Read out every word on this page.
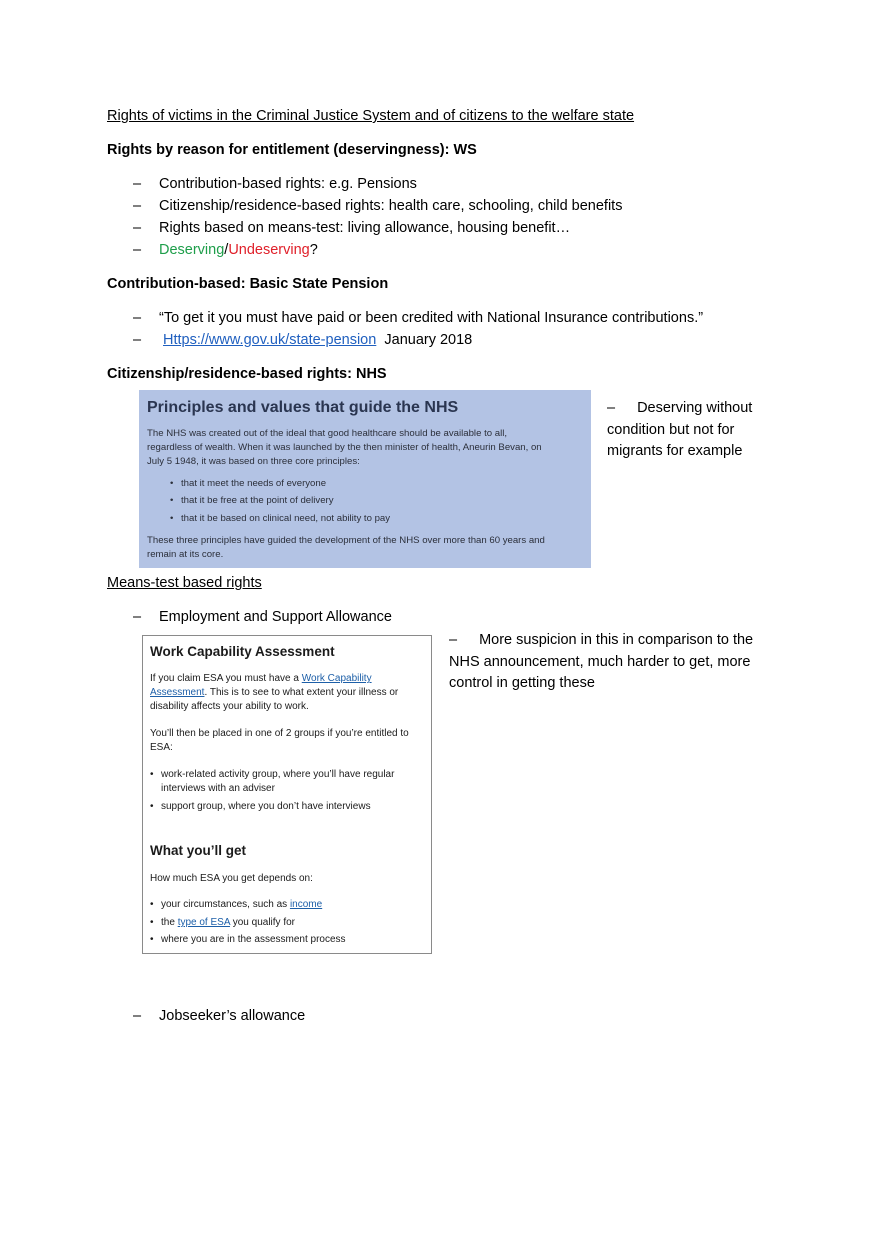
Rights of victims in the Criminal Justice System and of citizens to the welfare state
Rights by reason for entitlement (deservingness): WS
– Contribution-based rights: e.g. Pensions
– Citizenship/residence-based rights: health care, schooling, child benefits
– Rights based on means-test: living allowance, housing benefit…
– Deserving/Undeserving?
Contribution-based: Basic State Pension
– “To get it you must have paid or been credited with National Insurance contributions.”
– Https://www.gov.uk/state-pension January 2018
Citizenship/residence-based rights: NHS
Principles and values that guide the NHS
The NHS was created out of the ideal that good healthcare should be available to all,
regardless of wealth. When it was launched by the then minister of health, Aneurin Bevan, on
July 5 1948, it was based on three core principles:
• that it meet the needs of everyone
• that it be free at the point of delivery
• that it be based on clinical need, not ability to pay
These three principles have guided the development of the NHS over more than 60 years and
remain at its core.
– Deserving without
condition but not for
migrants for example
Means-test based rights
– Employment and Support Allowance
Work Capability Assessment
If you claim ESA you must have a Work Capability
Assessment. This is to see to what extent your illness or
disability affects your ability to work.
You’ll then be placed in one of 2 groups if you’re entitled to
ESA:
• work-related activity group, where you’ll have regular
interviews with an adviser
• support group, where you don’t have interviews
What you’ll get
How much ESA you get depends on:
• your circumstances, such as income
• the type of ESA you qualify for
• where you are in the assessment process
– More suspicion in this in comparison to the
NHS announcement, much harder to get, more
control in getting these
– Jobseeker’s allowance
